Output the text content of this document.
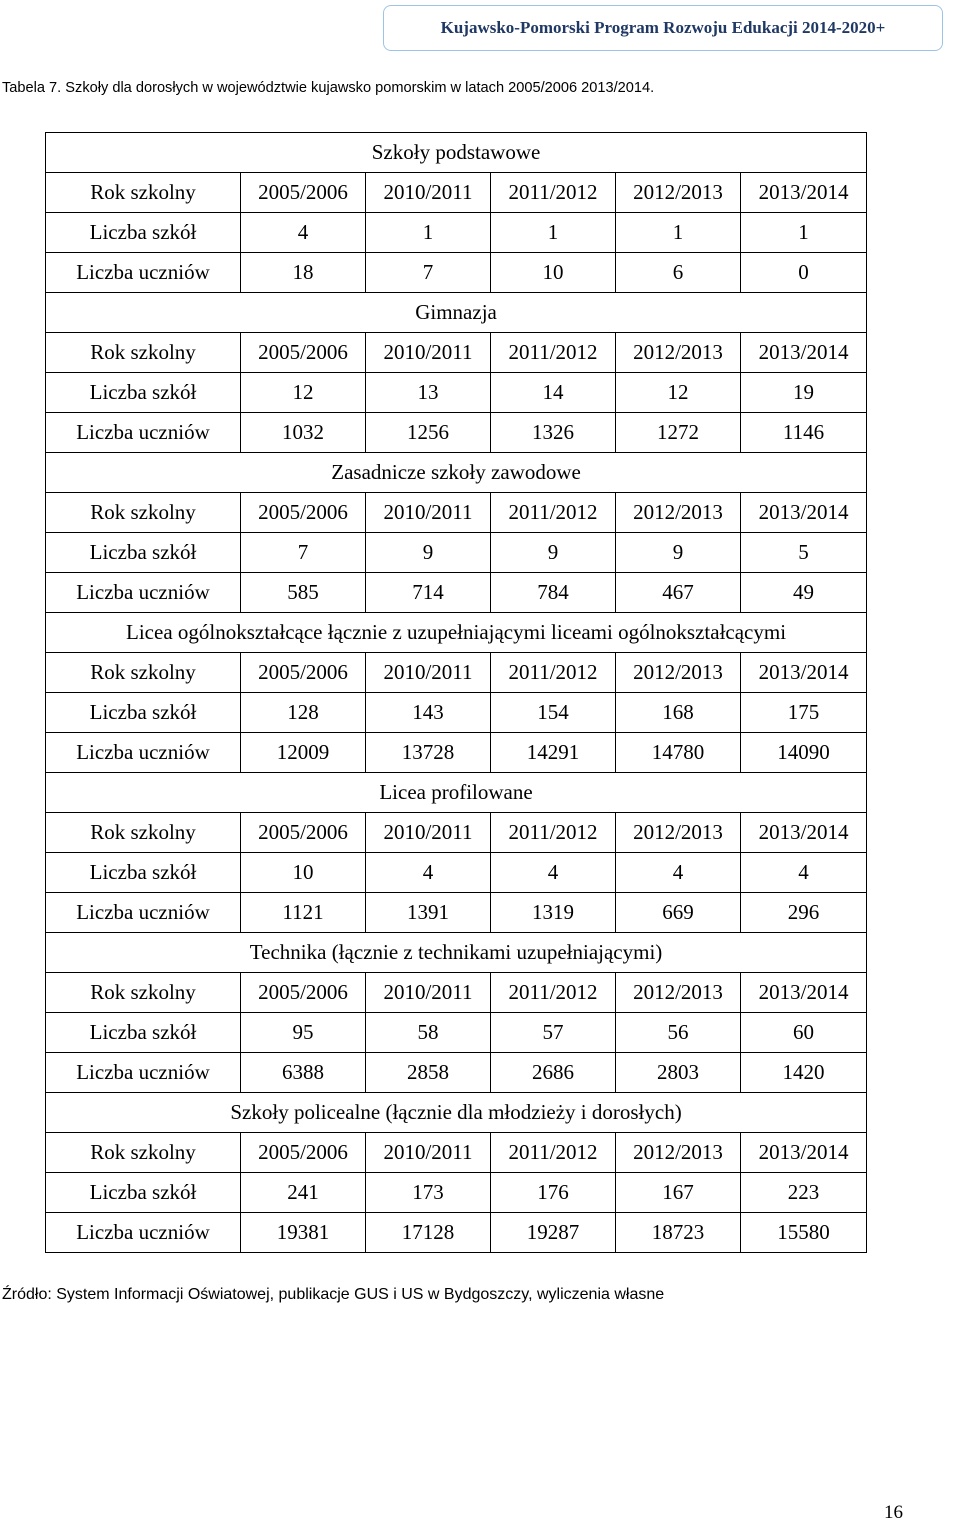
Kujawsko-Pomorski Program Rozwoju Edukacji 2014-2020+
Tabela 7. Szkoły dla dorosłych w województwie kujawsko pomorskim w latach 2005/2006 2013/2014.
Szkoły podstawowe					
Rok szkolny	2005/2006	2010/2011	2011/2012	2012/2013	2013/2014
Liczba szkół	4	1	1	1	1
Liczba uczniów	18	7	10	6	0
Gimnazja					
Rok szkolny	2005/2006	2010/2011	2011/2012	2012/2013	2013/2014
Liczba szkół	12	13	14	12	19
Liczba uczniów	1032	1256	1326	1272	1146
Zasadnicze szkoły zawodowe					
Rok szkolny	2005/2006	2010/2011	2011/2012	2012/2013	2013/2014
Liczba szkół	7	9	9	9	5
Liczba uczniów	585	714	784	467	49
Licea ogólnokształcące łącznie z uzupełniającymi liceami ogólnokształcącymi					
Rok szkolny	2005/2006	2010/2011	2011/2012	2012/2013	2013/2014
Liczba szkół	128	143	154	168	175
Liczba uczniów	12009	13728	14291	14780	14090
Licea profilowane					
Rok szkolny	2005/2006	2010/2011	2011/2012	2012/2013	2013/2014
Liczba szkół	10	4	4	4	4
Liczba uczniów	1121	1391	1319	669	296
Technika (łącznie z technikami uzupełniającymi)					
Rok szkolny	2005/2006	2010/2011	2011/2012	2012/2013	2013/2014
Liczba szkół	95	58	57	56	60
Liczba uczniów	6388	2858	2686	2803	1420
Szkoły policealne (łącznie dla młodzieży i dorosłych)					
Rok szkolny	2005/2006	2010/2011	2011/2012	2012/2013	2013/2014
Liczba szkół	241	173	176	167	223
Liczba uczniów	19381	17128	19287	18723	15580
Źródło: System Informacji Oświatowej, publikacje GUS i US w Bydgoszczy, wyliczenia własne
16
